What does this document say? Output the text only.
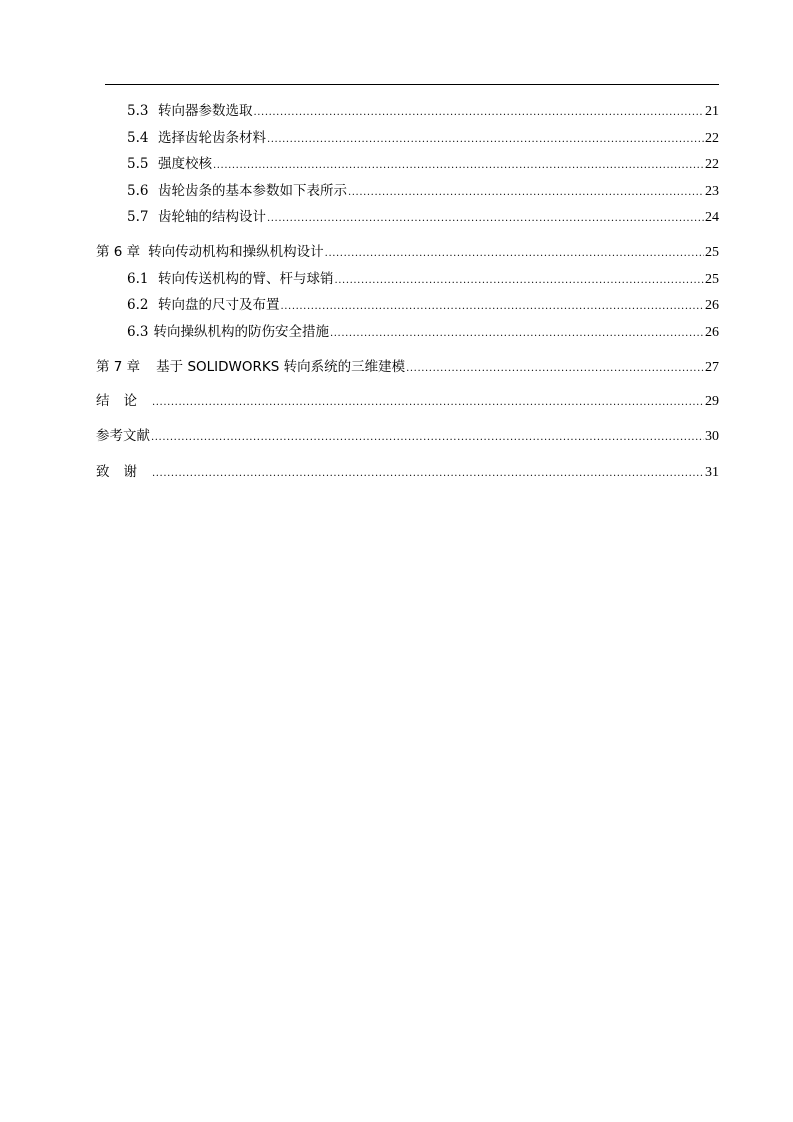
5.3 转向器参数选取 .....	21
5.4 选择齿轮齿条材料 .....	22
5.5 强度校核 .....	22
5.6 齿轮齿条的基本参数如下表所示 .....	23
5.7 齿轮轴的结构设计 .....	24
第 6 章 转向传动机构和操纵机构设计 .....	25
6.1 转向传送机构的臂、杆与球销 .....	25
6.2 转向盘的尺寸及布置 .....	26
6.3 转向操纵机构的防伤安全措施 .....	26
第 7 章 基于 SOLIDWORKS 转向系统的三维建模 .....	27
结论 .....	29
参考文献 .....	30
致谢 .....	31
